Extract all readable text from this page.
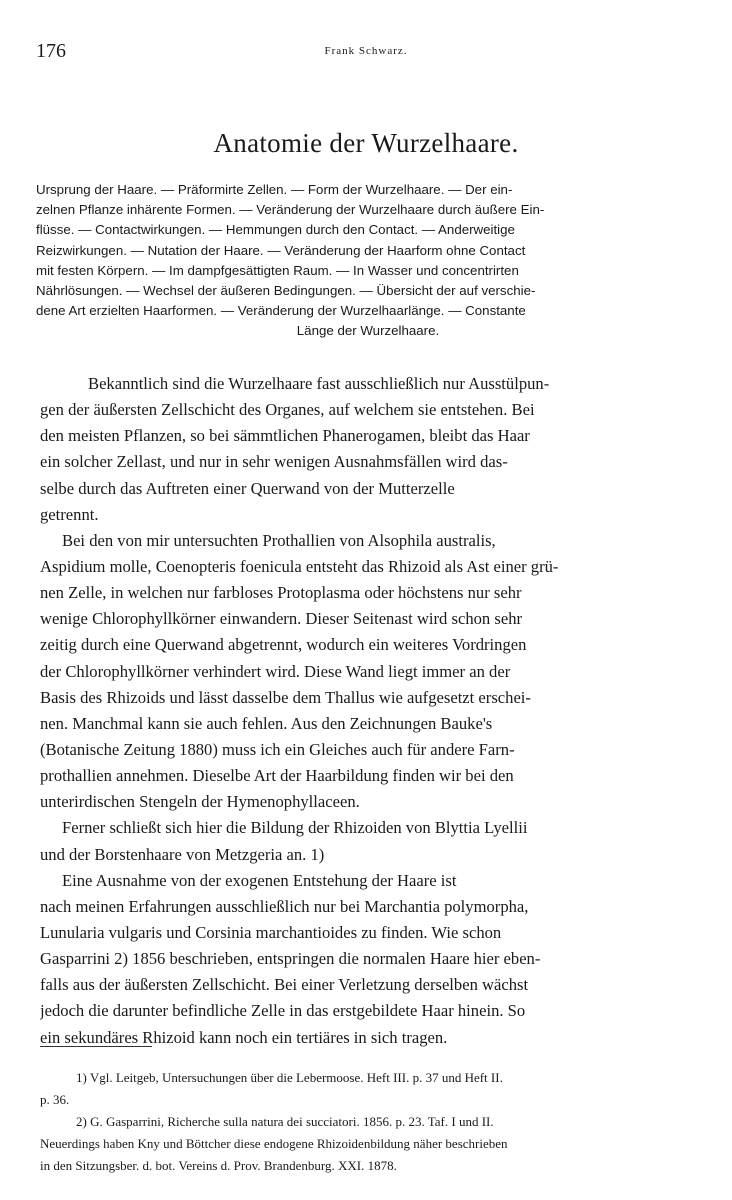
176	Frank Schwarz.
Anatomie der Wurzelhaare.
Ursprung der Haare. — Präformirte Zellen. — Form der Wurzelhaare. — Der ein-
zelnen Pflanze inhärente Formen. — Veränderung der Wurzelhaare durch äußere Ein-
flüsse. — Contactwirkungen. — Hemmungen durch den Contact. — Anderweitige
Reizwirkungen. — Nutation der Haare. — Veränderung der Haarform ohne Contact
mit festen Körpern. — Im dampfgesättigten Raum. — In Wasser und concentrirten
Nährlösungen. — Wechsel der äußeren Bedingungen. — Übersicht der auf verschie-
dene Art erzielten Haarformen. — Veränderung der Wurzelhaarlänge. — Constante
Länge der Wurzelhaare.
Bekanntlich sind die Wurzelhaare fast ausschließlich nur Ausstülpun-
gen der äußersten Zellschicht des Organes, auf welchem sie entstehen. Bei
den meisten Pflanzen, so bei sämmtlichen Phanerogamen, bleibt das Haar
ein solcher Zellast, und nur in sehr wenigen Ausnahmsfällen wird das-
selbe durch das Auftreten einer Querwand von der Mutterzelle
getrennt.
Bei den von mir untersuchten Prothallien von Alsophila australis,
Aspidium molle, Coenopteris foenicula entsteht das Rhizoid als Ast einer grü-
nen Zelle, in welchen nur farbloses Protoplasma oder höchstens nur sehr
wenige Chlorophyllkörner einwandern. Dieser Seitenast wird schon sehr
zeitig durch eine Querwand abgetrennt, wodurch ein weiteres Vordringen
der Chlorophyllkörner verhindert wird. Diese Wand liegt immer an der
Basis des Rhizoids und lässt dasselbe dem Thallus wie aufgesetzt erschei-
nen. Manchmal kann sie auch fehlen. Aus den Zeichnungen Bauke's
(Botanische Zeitung 1880) muss ich ein Gleiches auch für andere Farn-
prothallien annehmen. Dieselbe Art der Haarbildung finden wir bei den
unterirdischen Stengeln der Hymenophyllaceen.
Ferner schließt sich hier die Bildung der Rhizoiden von Blyttia Lyellii
und der Borstenhaare von Metzgeria an. 1)
Eine Ausnahme von der exogenen Entstehung der Haare ist
nach meinen Erfahrungen ausschließlich nur bei Marchantia polymorpha,
Lunularia vulgaris und Corsinia marchantioides zu finden. Wie schon
Gasparrini 2) 1856 beschrieben, entspringen die normalen Haare hier eben-
falls aus der äußersten Zellschicht. Bei einer Verletzung derselben wächst
jedoch die darunter befindliche Zelle in das erstgebildete Haar hinein. So
ein sekundäres Rhizoid kann noch ein tertiäres in sich tragen.
1) Vgl. Leitgeb, Untersuchungen über die Lebermoose. Heft III. p. 37 und Heft II.
p. 36.
2) G. Gasparrini, Richerche sulla natura dei succiatori. 1856. p. 23. Taf. I und II.
Neuerdings haben Kny und Böttcher diese endogene Rhizoidenbildung näher beschrieben
in den Sitzungsber. d. bot. Vereins d. Prov. Brandenburg. XXI. 1878.
